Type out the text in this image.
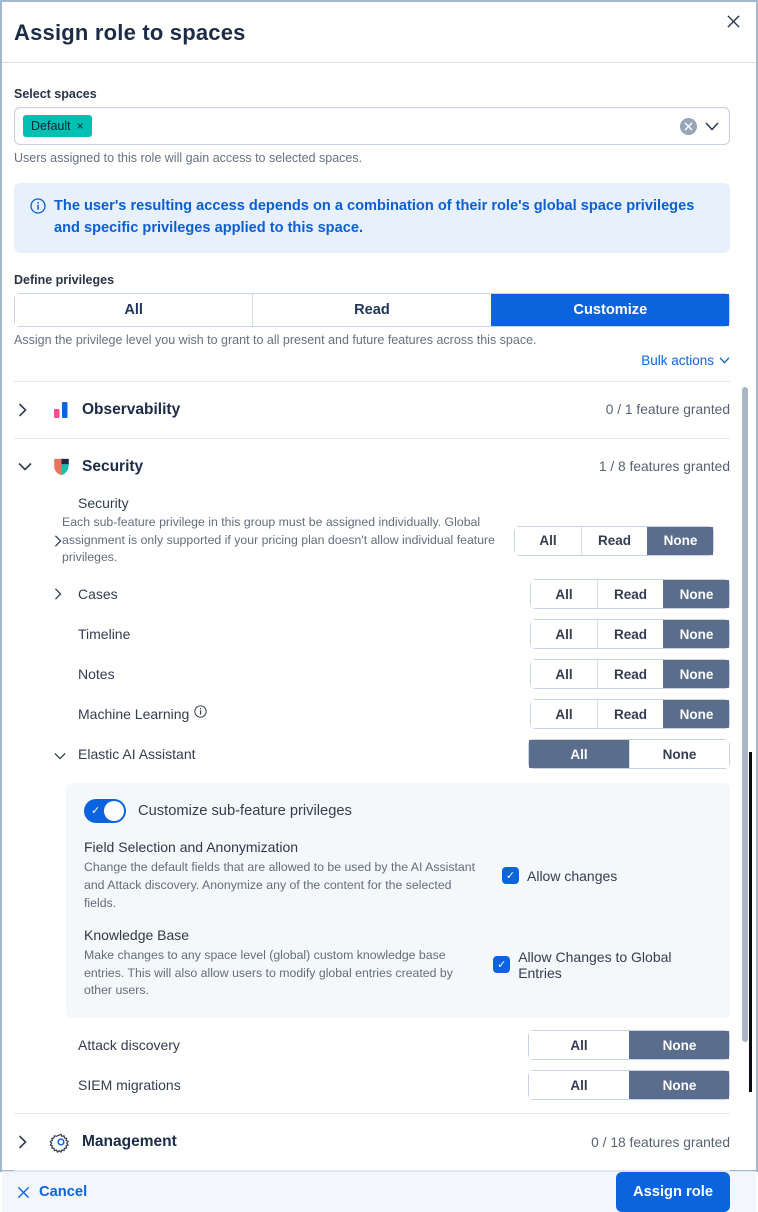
Assign role to spaces
Select spaces
Default ×
Users assigned to this role will gain access to selected spaces.
The user's resulting access depends on a combination of their role's global space privileges and specific privileges applied to this space.
Define privileges
All	Read	Customize
Assign the privilege level you wish to grant to all present and future features across this space.
Bulk actions
Observability	0 / 1 feature granted
Security	1 / 8 features granted
Security
Each sub-feature privilege in this group must be assigned individually. Global assignment is only supported if your pricing plan doesn't allow individual feature privileges.
All	Read	None
Cases	All	Read	None
Timeline	All	Read	None
Notes	All	Read	None
Machine Learning	All	Read	None
Elastic AI Assistant	All	None
✓	Customize sub-feature privileges
Field Selection and Anonymization
Change the default fields that are allowed to be used by the AI Assistant and Attack discovery. Anonymize any of the content for the selected fields.
✓ Allow changes
Knowledge Base
Make changes to any space level (global) custom knowledge base entries. This will also allow users to modify global entries created by other users.
✓
Allow Changes to Global Entries
Attack discovery	All	None
SIEM migrations	All	None
Management	0 / 18 features granted
Cancel	Assign role
